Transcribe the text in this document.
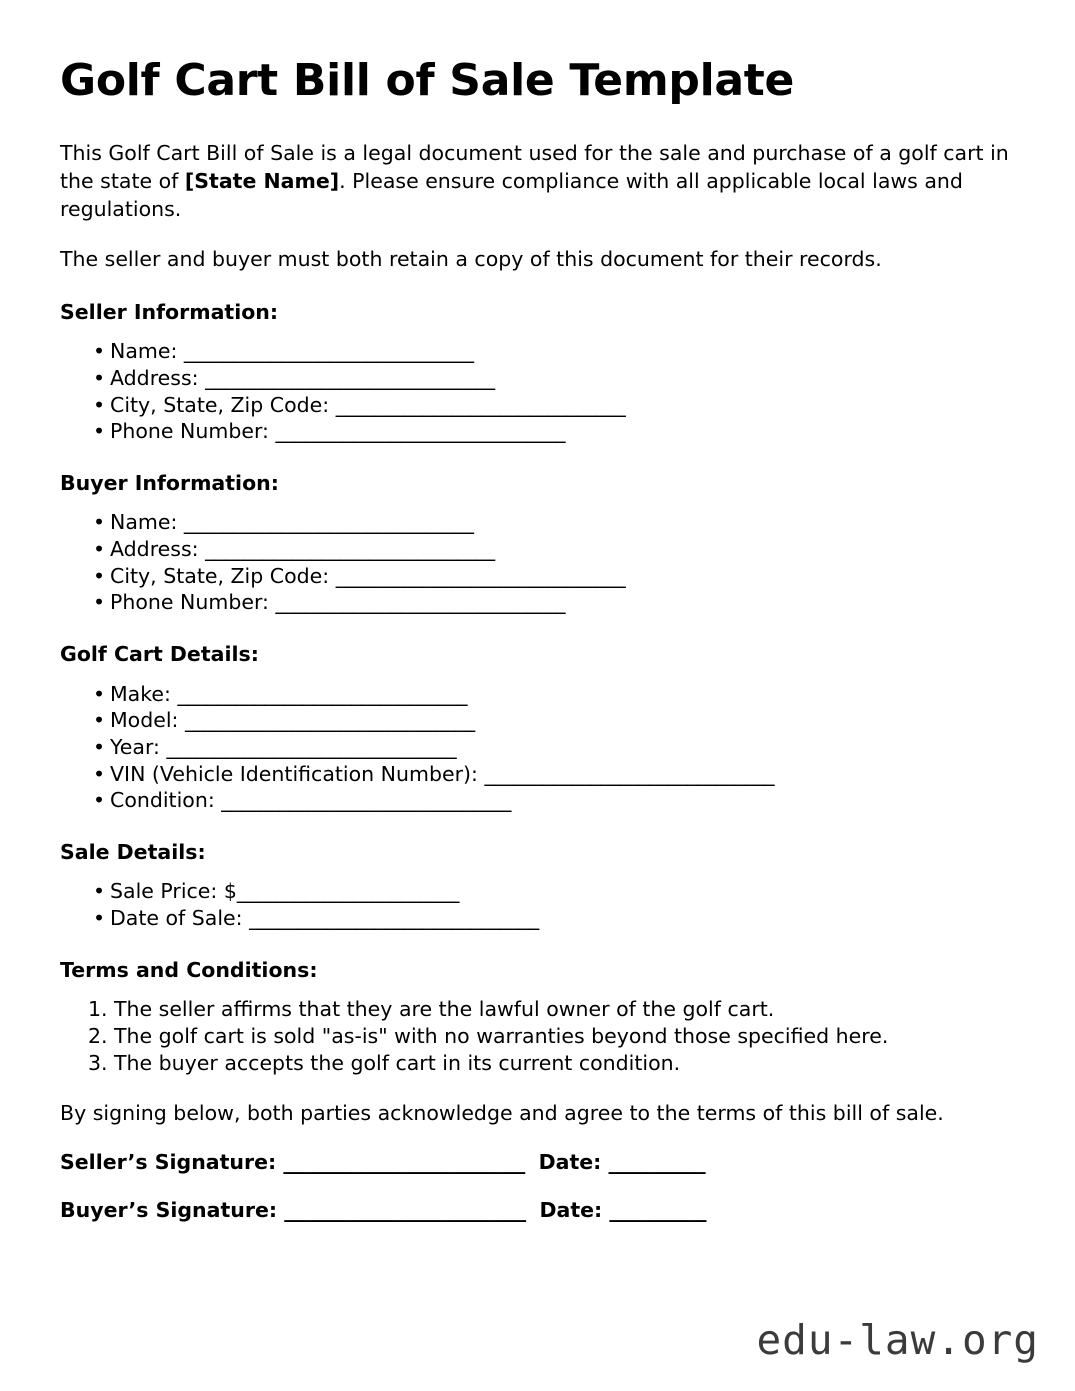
Golf Cart Bill of Sale Template

This Golf Cart Bill of Sale is a legal document used for the sale and purchase of a golf cart in the state of [State Name]. Please ensure compliance with all applicable local laws and regulations.

The seller and buyer must both retain a copy of this document for their records.

Seller Information:
• Name: ______________________________
• Address: ______________________________
• City, State, Zip Code: ______________________________
• Phone Number: ______________________________
Buyer Information:
• Name: ______________________________
• Address: ______________________________
• City, State, Zip Code: ______________________________
• Phone Number: ______________________________
Golf Cart Details:
• Make: ______________________________
• Model: ______________________________
• Year: ______________________________
• VIN (Vehicle Identification Number): ______________________________
• Condition: ______________________________
Sale Details:
• Sale Price: $_______________________
• Date of Sale: ______________________________
Terms and Conditions:
The seller affirms that they are the lawful owner of the golf cart.
The golf cart is sold "as-is" with no warranties beyond those specified here.
The buyer accepts the golf cart in its current condition.

By signing below, both parties acknowledge and agree to the terms of this bill of sale.

Seller’s Signature: _________________________ Date: __________
Buyer’s Signature: _________________________ Date: __________
edu-law.org
